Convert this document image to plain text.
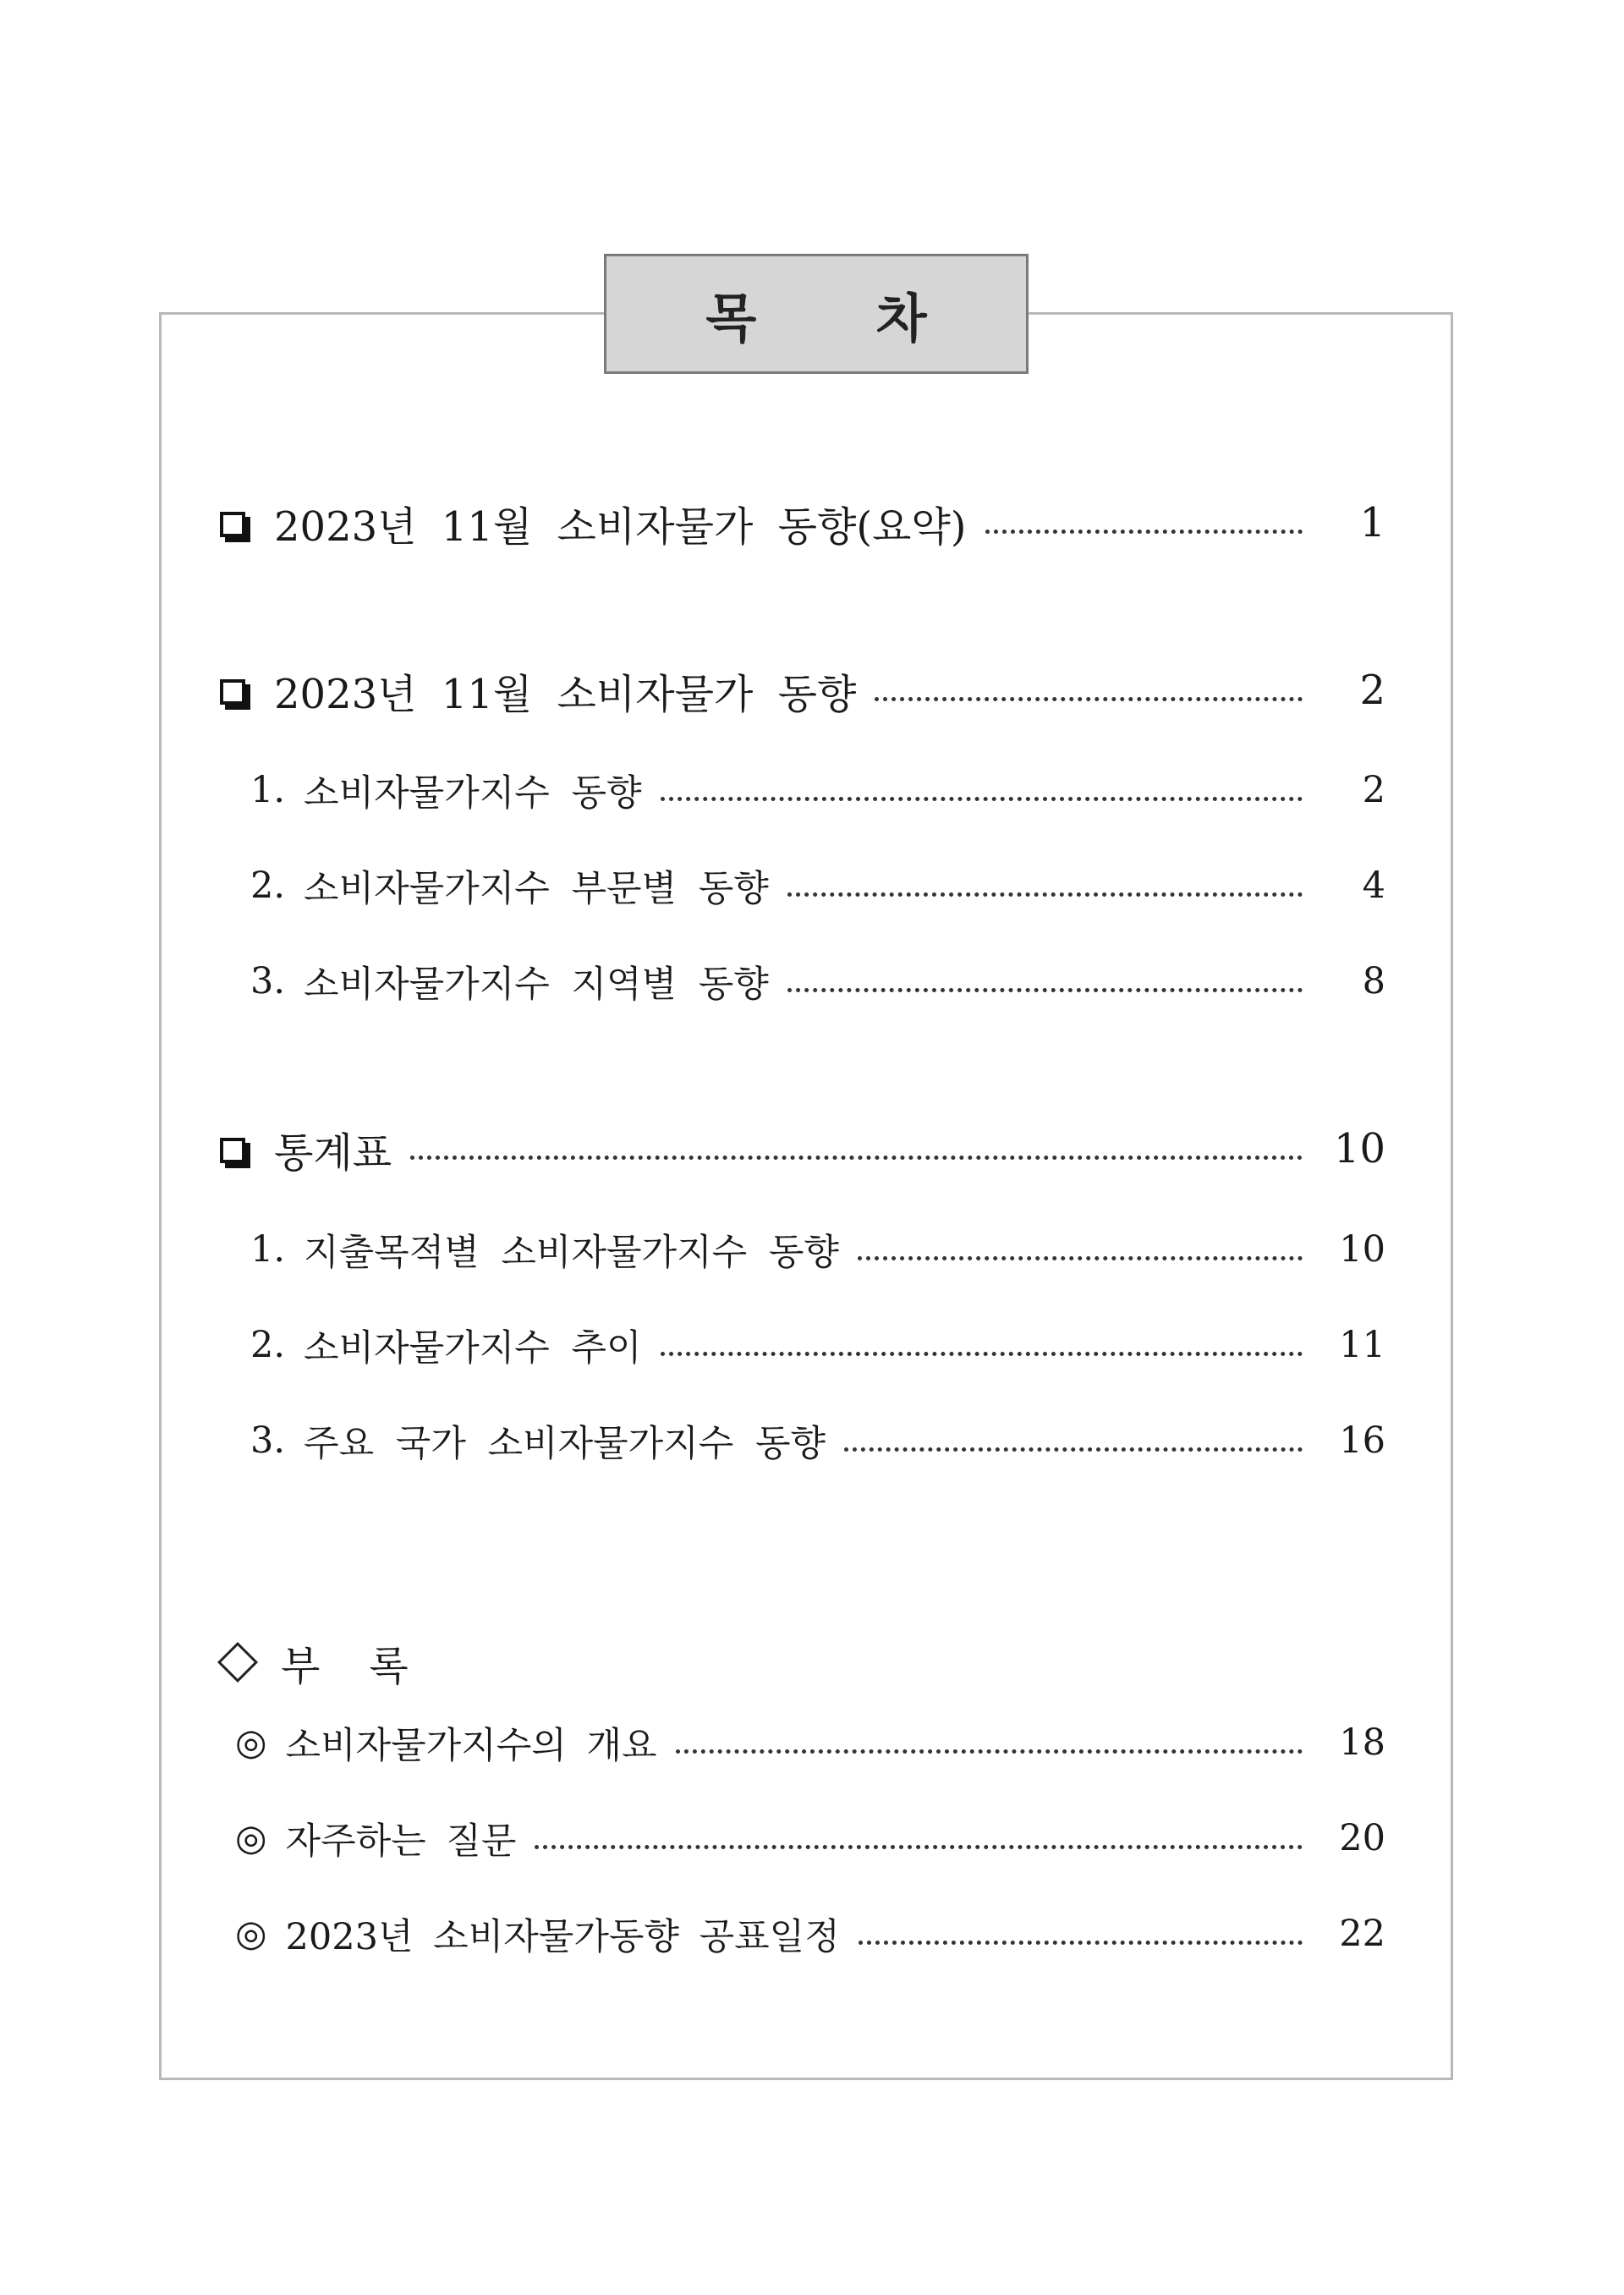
목 차
2023년 11월 소비자물가 동향(요약)	1
2023년 11월 소비자물가 동향	2
1. 소비자물가지수 동향	2
2. 소비자물가지수 부문별 동향	4
3. 소비자물가지수 지역별 동향	8
통계표	10
1. 지출목적별 소비자물가지수 동향	10
2. 소비자물가지수 추이	11
3. 주요 국가 소비자물가지수 동향	16
부록
◎ 소비자물가지수의 개요	18
◎ 자주하는 질문	20
◎ 2023년 소비자물가동향 공표일정	22
